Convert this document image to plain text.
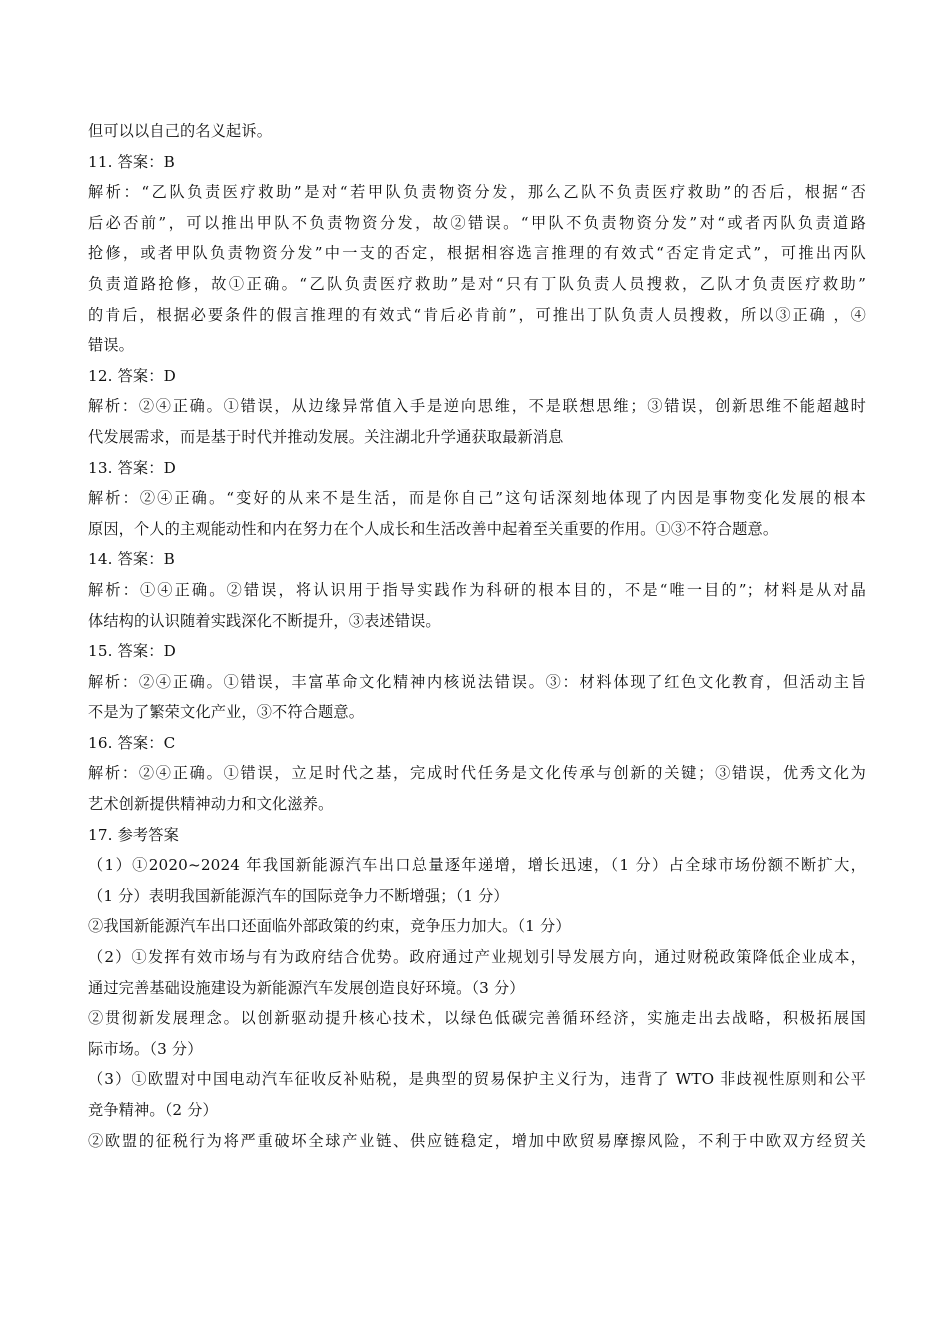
但可以以自己的名义起诉。
11. 答案：B
解析：“乙队负责医疗救助”是对“若甲队负责物资分发，那么乙队不负责医疗救助”的否后，根据“否
后必否前”，可以推出甲队不负责物资分发，故②错误。“甲队不负责物资分发”对“或者丙队负责道路
抢修，或者甲队负责物资分发”中一支的否定，根据相容选言推理的有效式“否定肯定式”，可推出丙队
负责道路抢修，故①正确。“乙队负责医疗救助”是对“只有丁队负责人员搜救，乙队才负责医疗救助”
的肯后，根据必要条件的假言推理的有效式“肯后必肯前”，可推出丁队负责人员搜救，所以③正确 ，④
错误。
12. 答案：D
解析：②④正确。①错误，从边缘异常值入手是逆向思维，不是联想思维；③错误，创新思维不能超越时
代发展需求，而是基于时代并推动发展。关注湖北升学通获取最新消息
13. 答案：D
解析：②④正确。“变好的从来不是生活，而是你自己”这句话深刻地体现了内因是事物变化发展的根本
原因，个人的主观能动性和内在努力在个人成长和生活改善中起着至关重要的作用。①③不符合题意。
14. 答案：B
解析：①④正确。②错误，将认识用于指导实践作为科研的根本目的，不是“唯一目的”；材料是从对晶
体结构的认识随着实践深化不断提升，③表述错误。
15. 答案：D
解析：②④正确。①错误，丰富革命文化精神内核说法错误。③：材料体现了红色文化教育，但活动主旨
不是为了繁荣文化产业，③不符合题意。
16. 答案：C
解析：②④正确。①错误，立足时代之基，完成时代任务是文化传承与创新的关键；③错误，优秀文化为
艺术创新提供精神动力和文化滋养。
17. 参考答案
（1）①2020~2024 年我国新能源汽车出口总量逐年递增，增长迅速，（1 分）占全球市场份额不断扩大，
（1 分）表明我国新能源汽车的国际竞争力不断增强；（1 分）
②我国新能源汽车出口还面临外部政策的约束，竞争压力加大。（1 分）
（2）①发挥有效市场与有为政府结合优势。政府通过产业规划引导发展方向，通过财税政策降低企业成本，
通过完善基础设施建设为新能源汽车发展创造良好环境。（3 分）
②贯彻新发展理念。以创新驱动提升核心技术，以绿色低碳完善循环经济，实施走出去战略，积极拓展国
际市场。（3 分）
（3）①欧盟对中国电动汽车征收反补贴税，是典型的贸易保护主义行为，违背了 WTO 非歧视性原则和公平
竞争精神。（2 分）
②欧盟的征税行为将严重破坏全球产业链、供应链稳定，增加中欧贸易摩擦风险，不利于中欧双方经贸关
